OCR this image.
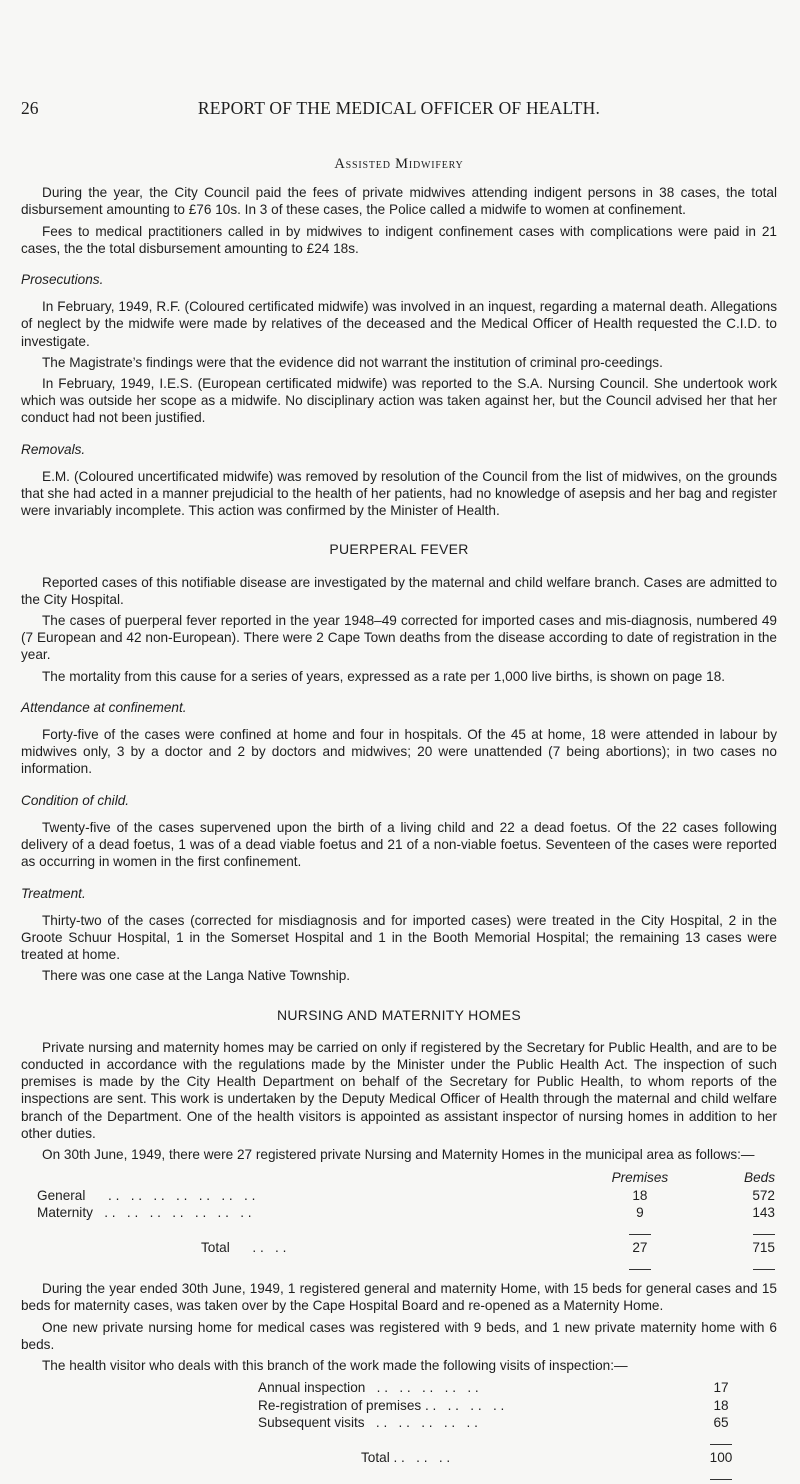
26	REPORT OF THE MEDICAL OFFICER OF HEALTH.
Assisted Midwifery

During the year, the City Council paid the fees of private midwives attending indigent persons in 38 cases, the total disbursement amounting to £76 10s. In 3 of these cases, the Police called a midwife to women at confinement.

Fees to medical practitioners called in by midwives to indigent confinement cases with complications were paid in 21 cases, the the total disbursement amounting to £24 18s.

Prosecutions.

In February, 1949, R.F. (Coloured certificated midwife) was involved in an inquest, regarding a maternal death. Allegations of neglect by the midwife were made by relatives of the deceased and the Medical Officer of Health requested the C.I.D. to investigate.

The Magistrate’s findings were that the evidence did not warrant the institution of criminal pro-ceedings.

In February, 1949, I.E.S. (European certificated midwife) was reported to the S.A. Nursing Council. She undertook work which was outside her scope as a midwife. No disciplinary action was taken against her, but the Council advised her that her conduct had not been justified.

Removals.

E.M. (Coloured uncertificated midwife) was removed by resolution of the Council from the list of midwives, on the grounds that she had acted in a manner prejudicial to the health of her patients, had no knowledge of asepsis and her bag and register were invariably incomplete. This action was confirmed by the Minister of Health.

PUERPERAL FEVER

Reported cases of this notifiable disease are investigated by the maternal and child welfare branch. Cases are admitted to the City Hospital.

The cases of puerperal fever reported in the year 1948–49 corrected for imported cases and mis-diagnosis, numbered 49 (7 European and 42 non-European). There were 2 Cape Town deaths from the disease according to date of registration in the year.

The mortality from this cause for a series of years, expressed as a rate per 1,000 live births, is shown on page 18.

Attendance at confinement.

Forty-five of the cases were confined at home and four in hospitals. Of the 45 at home, 18 were attended in labour by midwives only, 3 by a doctor and 2 by doctors and midwives; 20 were unattended (7 being abortions); in two cases no information.

Condition of child.

Twenty-five of the cases supervened upon the birth of a living child and 22 a dead foetus. Of the 22 cases following delivery of a dead foetus, 1 was of a dead viable foetus and 21 of a non-viable foetus. Seventeen of the cases were reported as occurring in women in the first confinement.

Treatment.

Thirty-two of the cases (corrected for misdiagnosis and for imported cases) were treated in the City Hospital, 2 in the Groote Schuur Hospital, 1 in the Somerset Hospital and 1 in the Booth Memorial Hospital; the remaining 13 cases were treated at home.

There was one case at the Langa Native Township.

NURSING AND MATERNITY HOMES

Private nursing and maternity homes may be carried on only if registered by the Secretary for Public Health, and are to be conducted in accordance with the regulations made by the Minister under the Public Health Act. The inspection of such premises is made by the City Health Department on behalf of the Secretary for Public Health, to whom reports of the inspections are sent. This work is undertaken by the Deputy Medical Officer of Health through the maternal and child welfare branch of the Department. One of the health visitors is appointed as assistant inspector of nursing homes in addition to her other duties.

On 30th June, 1949, there were 27 registered private Nursing and Maternity Homes in the municipal area as follows:—

	Premises	Beds
General . .   . .   . .   . .   . .   . .   . .	18	572
Maternity . .   . .   . .   . .   . .   . .   . .	9	143

Total . .   . .	27	715

During the year ended 30th June, 1949, 1 registered general and maternity Home, with 15 beds for general cases and 15 beds for maternity cases, was taken over by the Cape Hospital Board and re-opened as a Maternity Home.

One new private nursing home for medical cases was registered with 9 beds, and 1 new private maternity home with 6 beds.

The health visitor who deals with this branch of the work made the following visits of inspection:—

Annual inspection . .   . .   . .   . .   . .	17
Re-registration of premises . .   . .   . .   . .	18
Subsequent visits . .   . .   . .   . .   . .	65

Total . .   . .   . .	100
